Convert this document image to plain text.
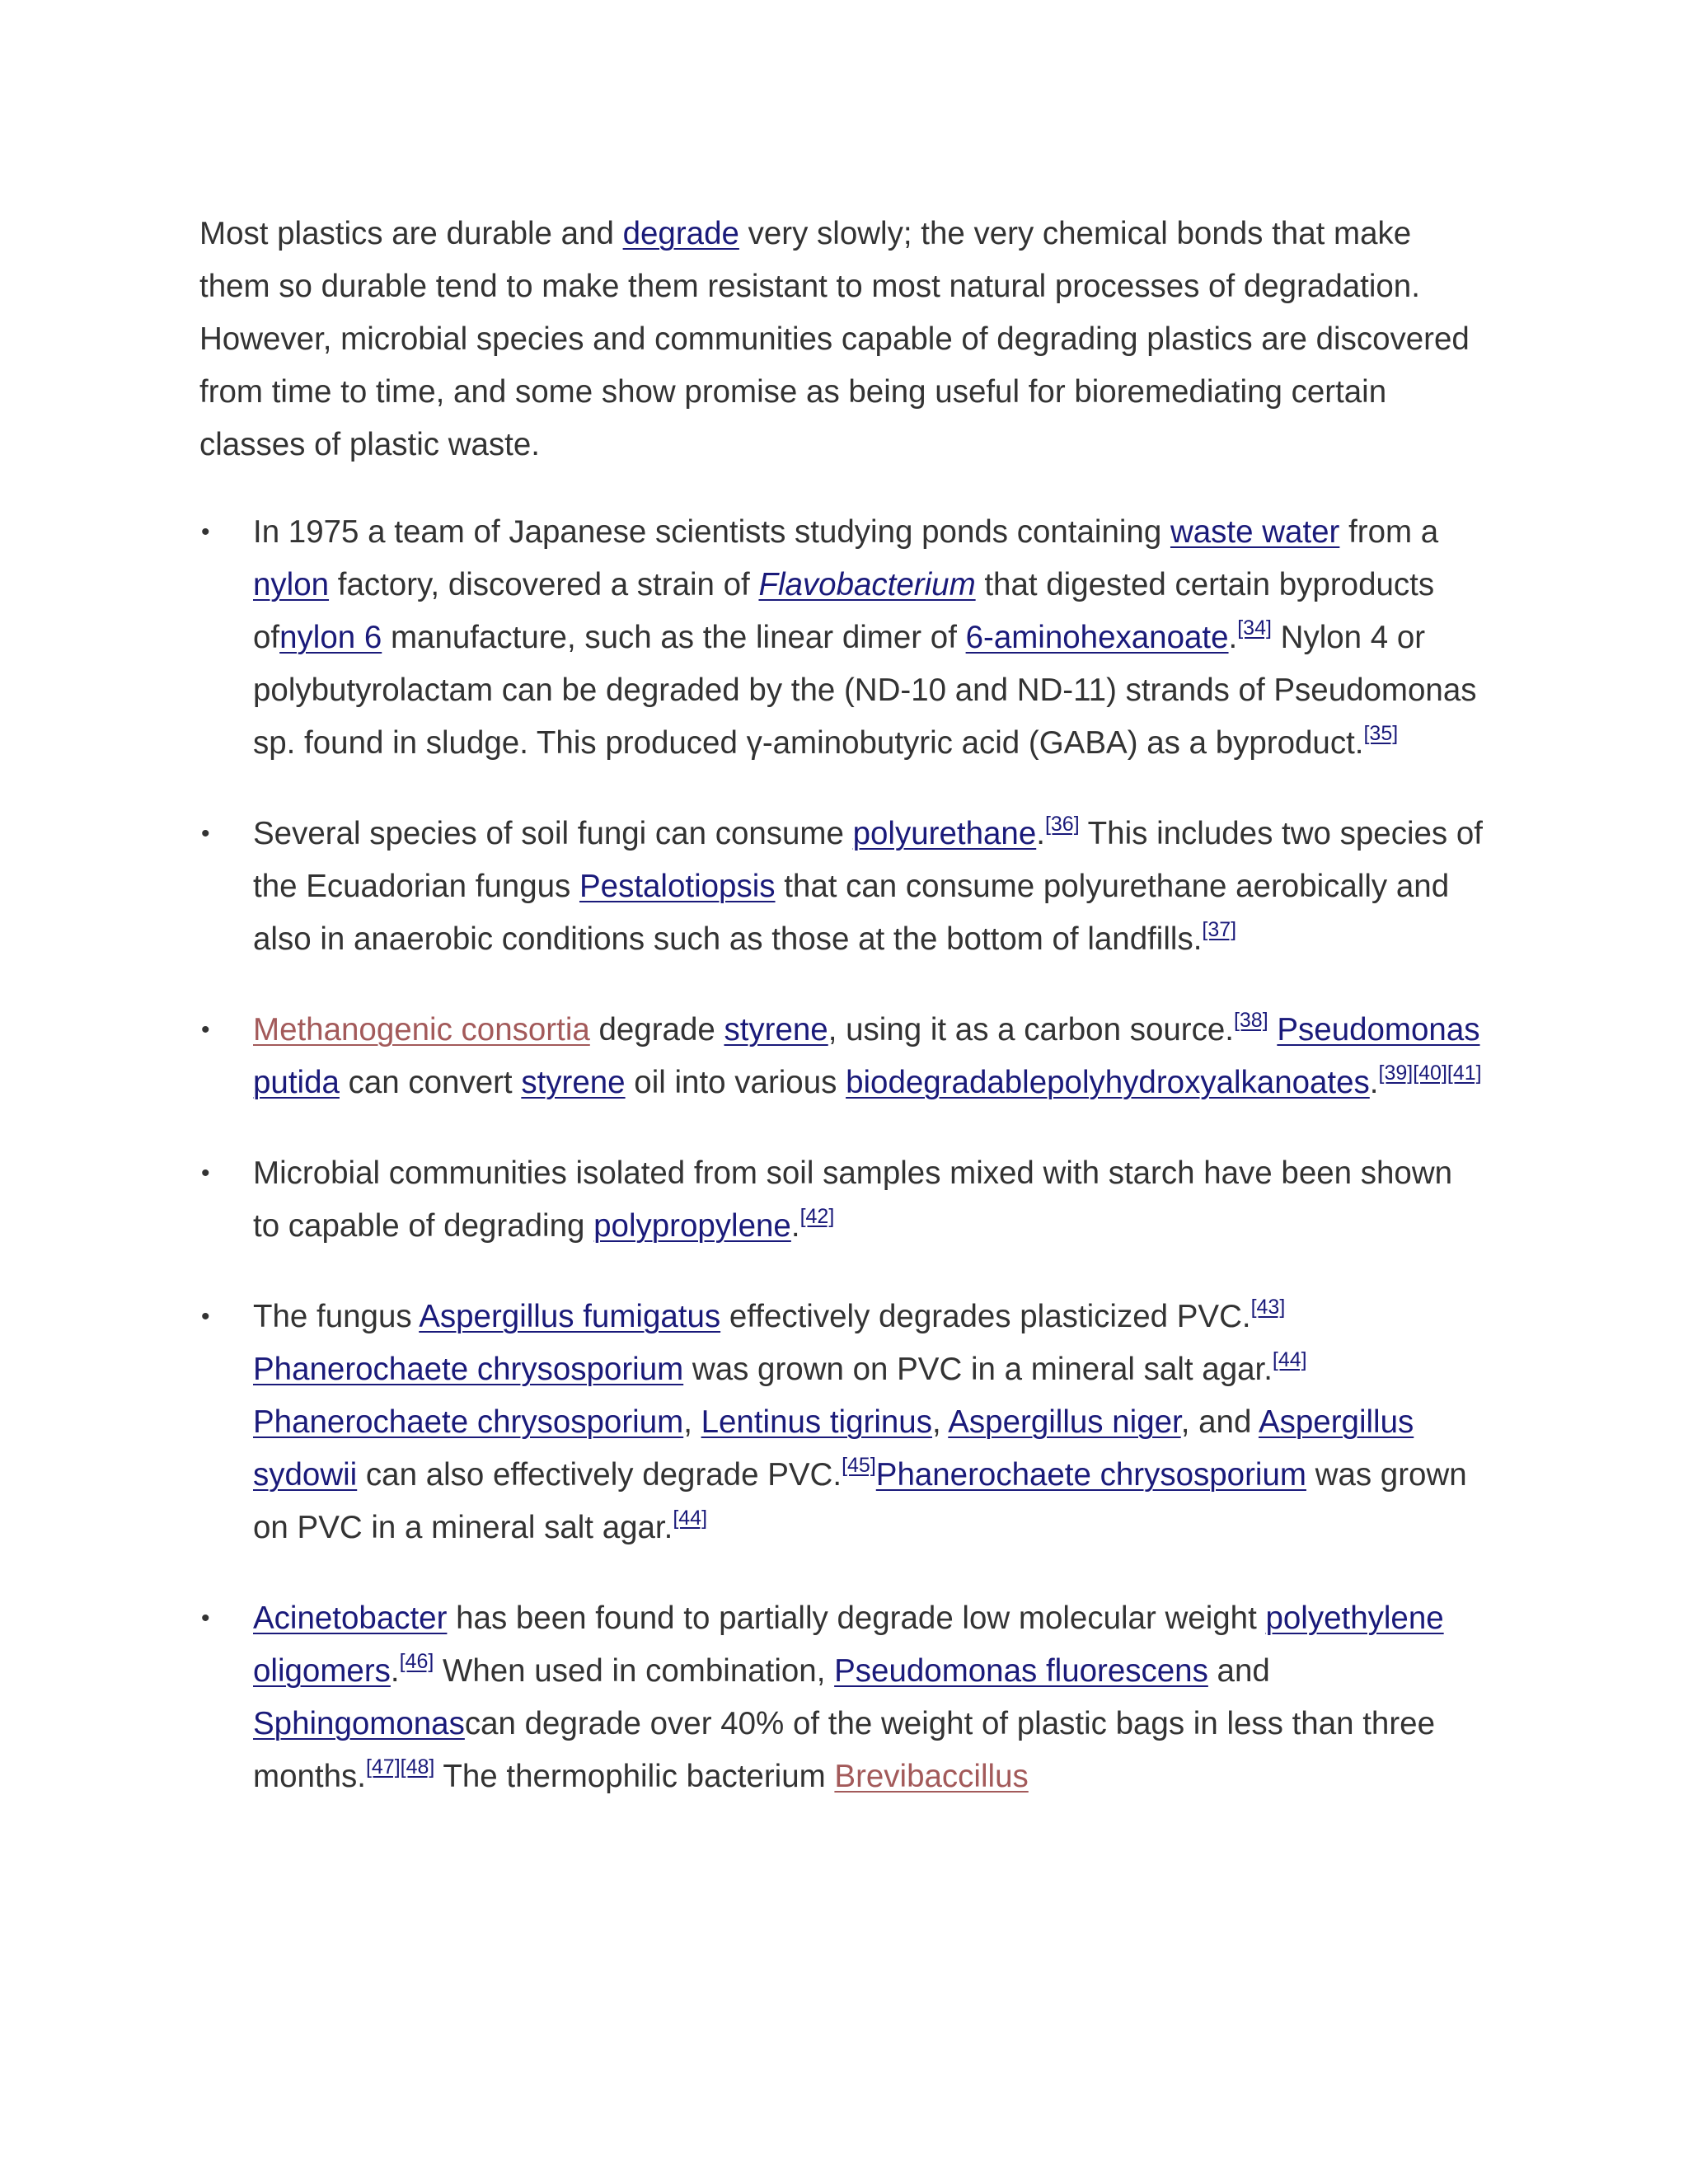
Most plastics are durable and degrade very slowly; the very chemical bonds that make them so durable tend to make them resistant to most natural processes of degradation. However, microbial species and communities capable of degrading plastics are discovered from time to time, and some show promise as being useful for bioremediating certain classes of plastic waste.

• In 1975 a team of Japanese scientists studying ponds containing waste water from a nylon factory, discovered a strain of Flavobacterium that digested certain byproducts ofnylon 6 manufacture, such as the linear dimer of 6-aminohexanoate.[34] Nylon 4 or polybutyrolactam can be degraded by the (ND-10 and ND-11) strands of Pseudomonas sp. found in sludge. This produced γ-aminobutyric acid (GABA) as a byproduct.[35]
• Several species of soil fungi can consume polyurethane.[36] This includes two species of the Ecuadorian fungus Pestalotiopsis that can consume polyurethane aerobically and also in anaerobic conditions such as those at the bottom of landfills.[37]
• Methanogenic consortia degrade styrene, using it as a carbon source.[38] Pseudomonas putida can convert styrene oil into various biodegradablepolyhydroxyalkanoates.[39][40][41]
• Microbial communities isolated from soil samples mixed with starch have been shown to capable of degrading polypropylene.[42]
• The fungus Aspergillus fumigatus effectively degrades plasticized PVC.[43] Phanerochaete chrysosporium was grown on PVC in a mineral salt agar.[44] Phanerochaete chrysosporium, Lentinus tigrinus, Aspergillus niger, and Aspergillus sydowii can also effectively degrade PVC.[45]Phanerochaete chrysosporium was grown on PVC in a mineral salt agar.[44]
• Acinetobacter has been found to partially degrade low molecular weight polyethylene oligomers.[46] When used in combination, Pseudomonas fluorescens and Sphingomonascan degrade over 40% of the weight of plastic bags in less than three months.[47][48] The thermophilic bacterium Brevibaccillus
